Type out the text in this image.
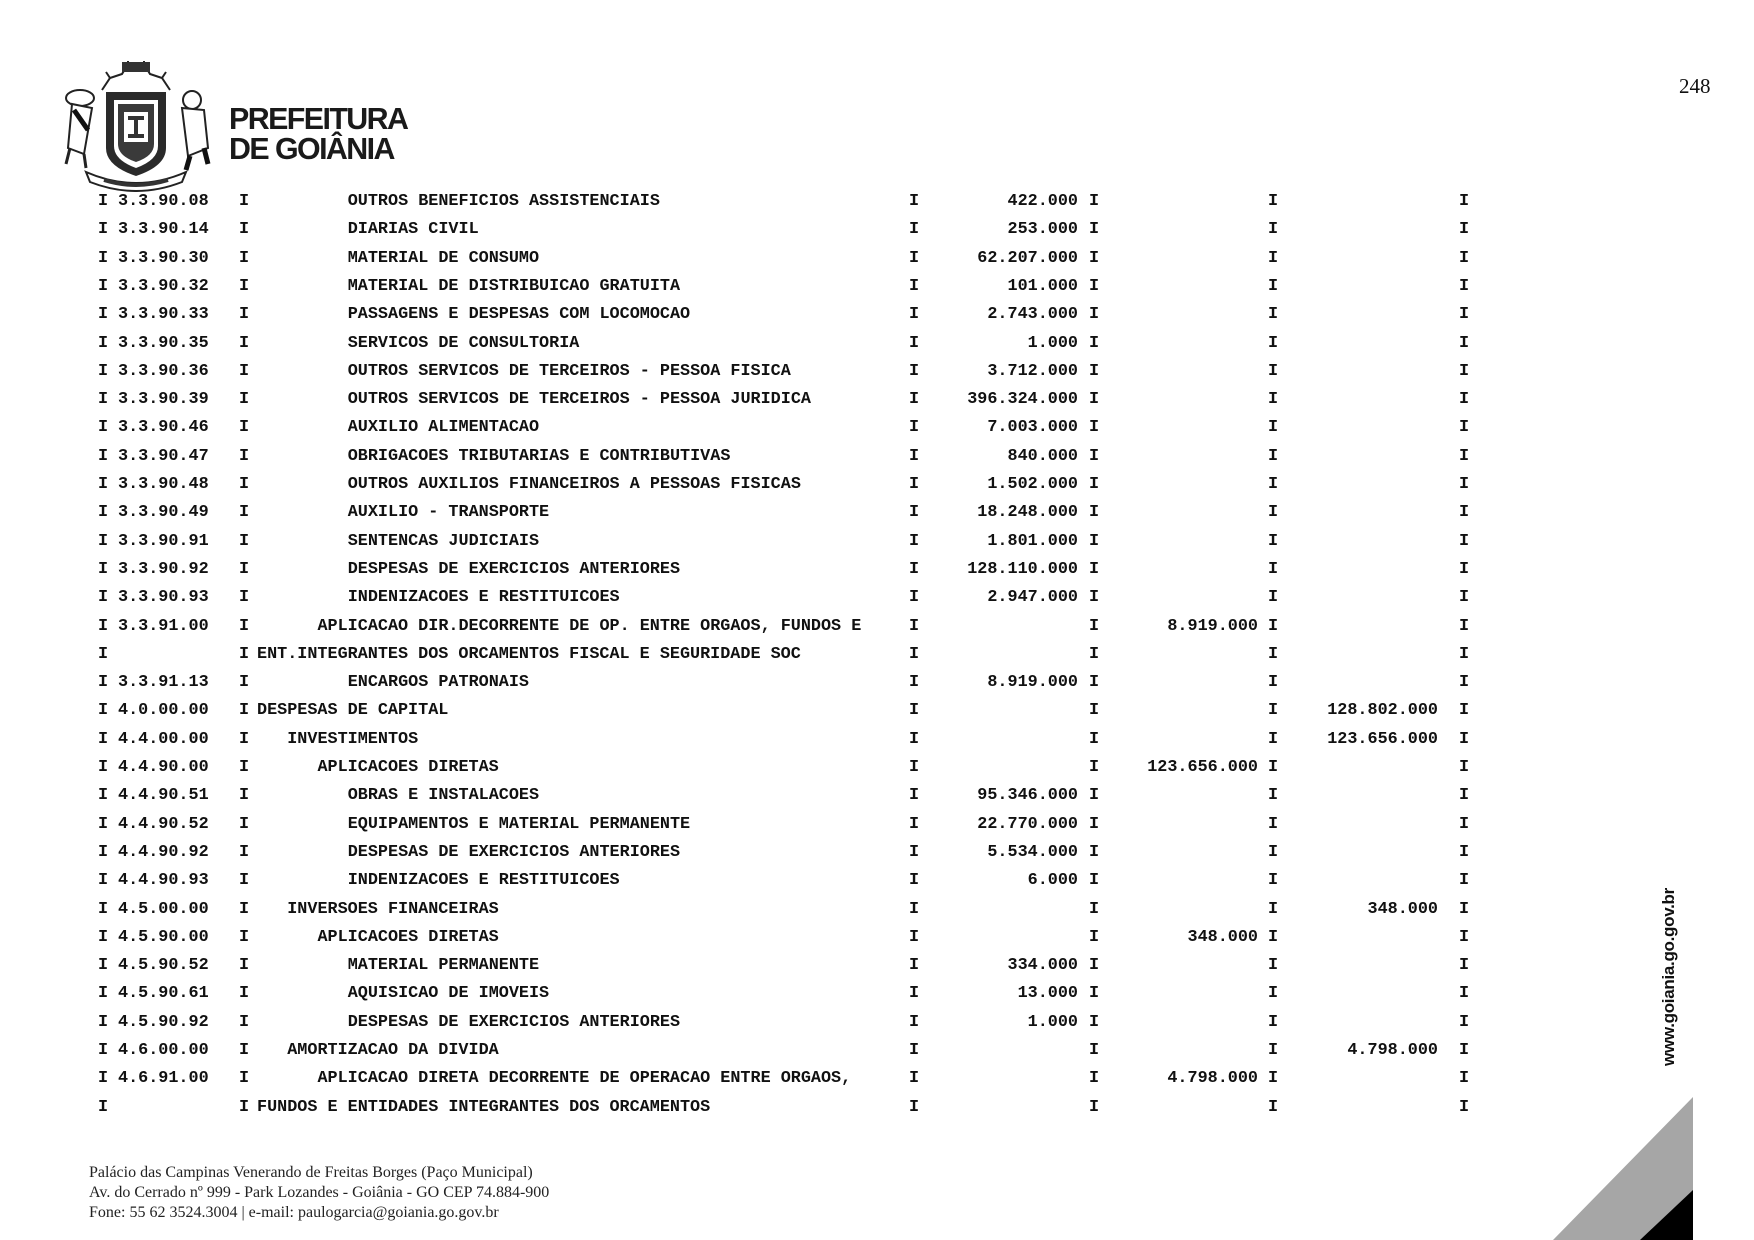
248
PREFEITURA
DE GOIÂNIA
I 3.3.90.08 I	OUTROS BENEFICIOS ASSISTENCIAIS	I	422.000 I	I	I
I 3.3.90.14 I	DIARIAS CIVIL	I	253.000 I	I	I
I 3.3.90.30 I	MATERIAL DE CONSUMO	I	62.207.000 I	I	I
I 3.3.90.32 I	MATERIAL DE DISTRIBUICAO GRATUITA	I	101.000 I	I	I
I 3.3.90.33 I	PASSAGENS E DESPESAS COM LOCOMOCAO	I	2.743.000 I	I	I
I 3.3.90.35 I	SERVICOS DE CONSULTORIA	I	1.000 I	I	I
I 3.3.90.36 I	OUTROS SERVICOS DE TERCEIROS - PESSOA FISICA	I	3.712.000 I	I	I
I 3.3.90.39 I	OUTROS SERVICOS DE TERCEIROS - PESSOA JURIDICA	I	396.324.000 I	I	I
I 3.3.90.46 I	AUXILIO ALIMENTACAO	I	7.003.000 I	I	I
I 3.3.90.47 I	OBRIGACOES TRIBUTARIAS E CONTRIBUTIVAS	I	840.000 I	I	I
I 3.3.90.48 I	OUTROS AUXILIOS FINANCEIROS A PESSOAS FISICAS	I	1.502.000 I	I	I
I 3.3.90.49 I	AUXILIO - TRANSPORTE	I	18.248.000 I	I	I
I 3.3.90.91 I	SENTENCAS JUDICIAIS	I	1.801.000 I	I	I
I 3.3.90.92 I	DESPESAS DE EXERCICIOS ANTERIORES	I	128.110.000 I	I	I
I 3.3.90.93 I	INDENIZACOES E RESTITUICOES	I	2.947.000 I	I	I
I 3.3.91.00 I	APLICACAO DIR.DECORRENTE DE OP. ENTRE ORGAOS, FUNDOS E	I	I	8.919.000 I	I
I	I ENT.INTEGRANTES DOS ORCAMENTOS FISCAL E SEGURIDADE SOC	I	I	I	I
I 3.3.91.13 I	ENCARGOS PATRONAIS	I	8.919.000 I	I	I
I 4.0.00.00 I DESPESAS DE CAPITAL	I	I	I	128.802.000 I
I 4.4.00.00 I INVESTIMENTOS	I	I	I	123.656.000 I
I 4.4.90.00 I	APLICACOES DIRETAS	I	I	123.656.000 I	I
I 4.4.90.51 I	OBRAS E INSTALACOES	I	95.346.000 I	I	I
I 4.4.90.52 I	EQUIPAMENTOS E MATERIAL PERMANENTE	I	22.770.000 I	I	I
I 4.4.90.92 I	DESPESAS DE EXERCICIOS ANTERIORES	I	5.534.000 I	I	I
I 4.4.90.93 I	INDENIZACOES E RESTITUICOES	I	6.000 I	I	I
I 4.5.00.00 I INVERSOES FINANCEIRAS	I	I	I	348.000 I
I 4.5.90.00 I	APLICACOES DIRETAS	I	I	348.000 I	I
I 4.5.90.52 I	MATERIAL PERMANENTE	I	334.000 I	I	I
I 4.5.90.61 I	AQUISICAO DE IMOVEIS	I	13.000 I	I	I
I 4.5.90.92 I	DESPESAS DE EXERCICIOS ANTERIORES	I	1.000 I	I	I
I 4.6.00.00 I AMORTIZACAO DA DIVIDA	I	I	I	4.798.000 I
I 4.6.91.00 I	APLICACAO DIRETA DECORRENTE DE OPERACAO ENTRE ORGAOS,	I	I	4.798.000 I	I
I	I FUNDOS E ENTIDADES INTEGRANTES DOS ORCAMENTOS	I	I	I	I
Palácio das Campinas Venerando de Freitas Borges (Paço Municipal)
Av. do Cerrado nº 999 - Park Lozandes - Goiânia - GO CEP 74.884-900
Fone: 55 62 3524.3004 | e-mail: paulogarcia@goiania.go.gov.br
www.goiania.go.gov.br
